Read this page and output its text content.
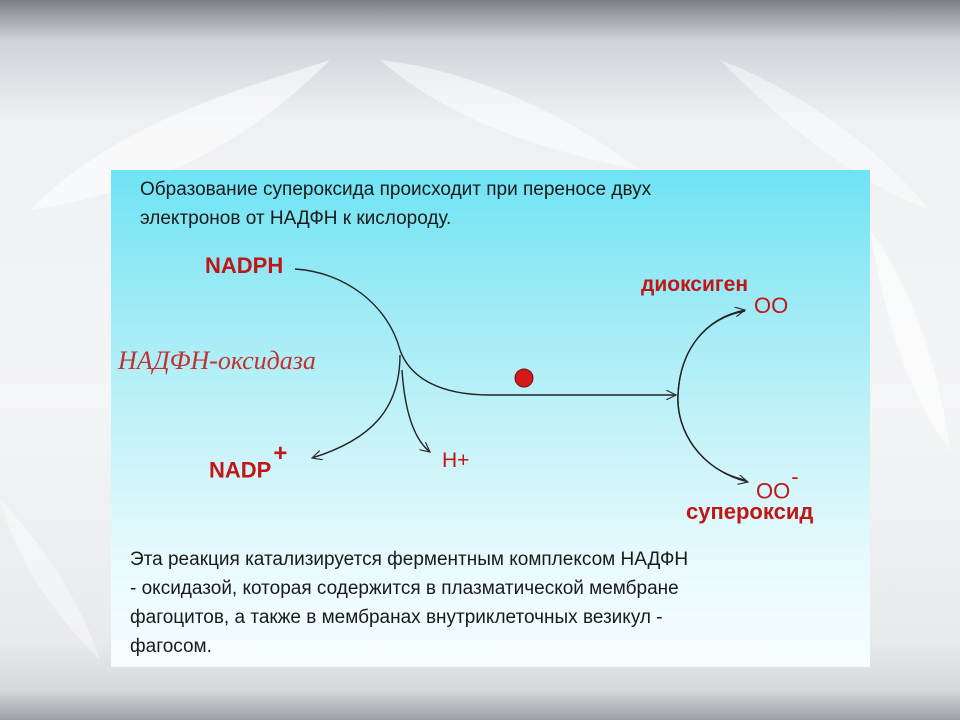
Образование супероксида происходит при переносе двух
электронов от НАДФН к кислороду.
NADPH
НАДФН-оксидаза
NADP+	H+
диоксиген
OO
OO-
супероксид
Эта реакция катализируется ферментным комплексом НАДФН
- оксидазой, которая содержится в плазматической мембране
фагоцитов, а также в мембранах внутриклеточных везикул -
фагосом.
